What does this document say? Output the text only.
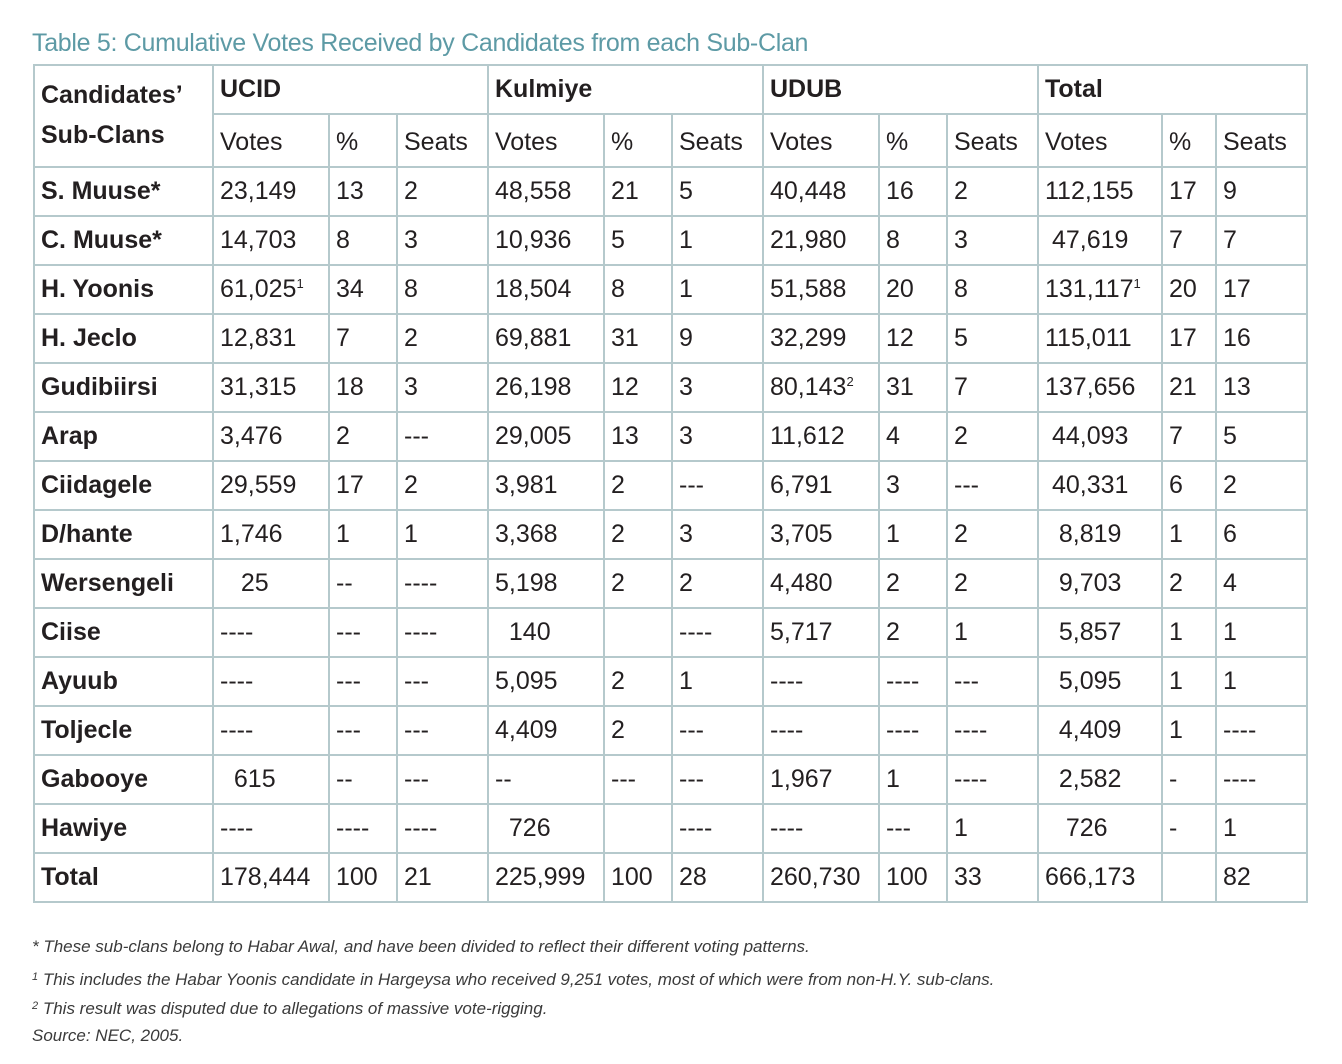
Table 5: Cumulative Votes Received by Candidates from each Sub-Clan
Candidates’
Sub-Clans	UCID			Kulmiye			UDUB			Total		
	Votes	%	Seats	Votes	%	Seats	Votes	%	Seats	Votes	%	Seats
S. Muuse*	23,149	13	2	48,558	21	5	40,448	16	2	112,155	17	9
C. Muuse*	14,703	8	3	10,936	5	1	21,980	8	3	47,619	7	7
H. Yoonis	61,025$^1$	34	8	18,504	8	1	51,588	20	8	131,117$^1$	20	17
H. Jeclo	12,831	7	2	69,881	31	9	32,299	12	5	115,011	17	16
Gudibiirsi	31,315	18	3	26,198	12	3	80,143$^2$	31	7	137,656	21	13
Arap	3,476	2	---	29,005	13	3	11,612	4	2	44,093	7	5
Ciidagele	29,559	17	2	3,981	2	---	6,791	3	---	40,331	6	2
D/hante	1,746	1	1	3,368	2	3	3,705	1	2	8,819	1	6
Wersengeli	25	--	----	5,198	2	2	4,480	2	2	9,703	2	4
Ciise	----	---	----	140		----	5,717	2	1	5,857	1	1
Ayuub	----	---	---	5,095	2	1	----	----	---	5,095	1	1
Toljecle	----	---	---	4,409	2	---	----	----	----	4,409	1	----
Gabooye	615	--	---	--	---	---	1,967	1	----	2,582	-	----
Hawiye	----	----	----	726		----	----	---	1	726	-	1
Total	178,444	100	21	225,999	100	28	260,730	100	33	666,173		82
* These sub-clans belong to Habar Awal, and have been divided to reflect their different voting patterns.
$^1$ This includes the Habar Yoonis candidate in Hargeysa who received 9,251 votes, most of which were from non-H.Y. sub-clans.
$^2$ This result was disputed due to allegations of massive vote-rigging.
Source: NEC, 2005.
